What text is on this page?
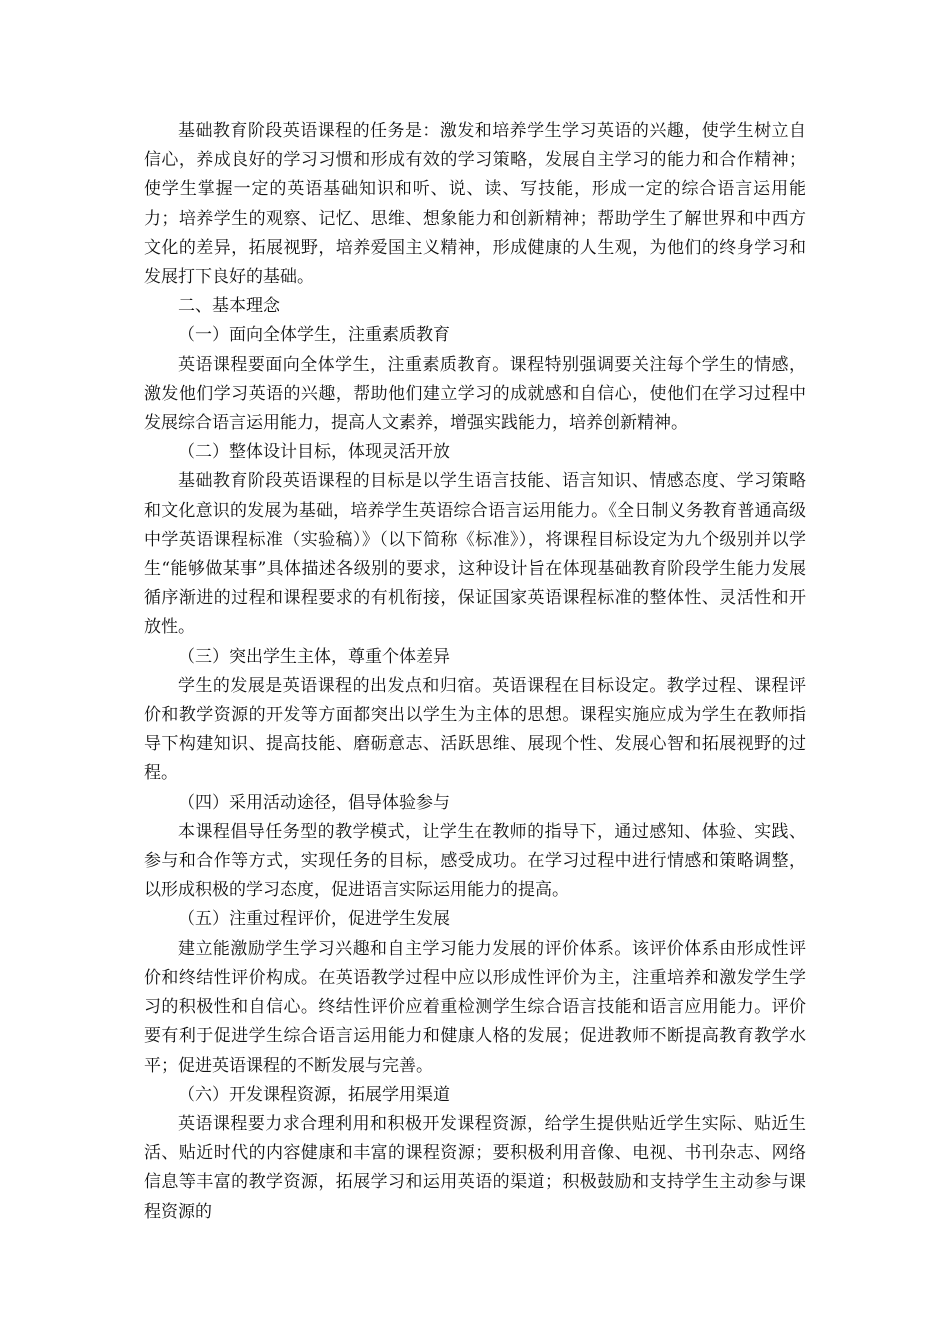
基础教育阶段英语课程的任务是：激发和培养学生学习英语的兴趣，使学生树立自信心，养成良好的学习习惯和形成有效的学习策略，发展自主学习的能力和合作精神；使学生掌握一定的英语基础知识和听、说、读、写技能，形成一定的综合语言运用能力；培养学生的观察、记忆、思维、想象能力和创新精神；帮助学生了解世界和中西方文化的差异，拓展视野，培养爱国主义精神，形成健康的人生观，为他们的终身学习和发展打下良好的基础。

二、基本理念

（一）面向全体学生，注重素质教育

英语课程要面向全体学生，注重素质教育。课程特别强调要关注每个学生的情感，激发他们学习英语的兴趣，帮助他们建立学习的成就感和自信心，使他们在学习过程中发展综合语言运用能力，提高人文素养，增强实践能力，培养创新精神。

（二）整体设计目标，体现灵活开放

基础教育阶段英语课程的目标是以学生语言技能、语言知识、情感态度、学习策略和文化意识的发展为基础，培养学生英语综合语言运用能力。《全日制义务教育普通高级中学英语课程标准（实验稿）》（以下简称《标准》），将课程目标设定为九个级别并以学生“能够做某事”具体描述各级别的要求，这种设计旨在体现基础教育阶段学生能力发展循序渐进的过程和课程要求的有机衔接，保证国家英语课程标准的整体性、灵活性和开放性。

（三）突出学生主体，尊重个体差异

学生的发展是英语课程的出发点和归宿。英语课程在目标设定。教学过程、课程评价和教学资源的开发等方面都突出以学生为主体的思想。课程实施应成为学生在教师指导下构建知识、提高技能、磨砺意志、活跃思维、展现个性、发展心智和拓展视野的过程。

（四）采用活动途径，倡导体验参与

本课程倡导任务型的教学模式，让学生在教师的指导下，通过感知、体验、实践、参与和合作等方式，实现任务的目标，感受成功。在学习过程中进行情感和策略调整，以形成积极的学习态度，促进语言实际运用能力的提高。

（五）注重过程评价，促进学生发展

建立能激励学生学习兴趣和自主学习能力发展的评价体系。该评价体系由形成性评价和终结性评价构成。在英语教学过程中应以形成性评价为主，注重培养和激发学生学习的积极性和自信心。终结性评价应着重检测学生综合语言技能和语言应用能力。评价要有利于促进学生综合语言运用能力和健康人格的发展；促进教师不断提高教育教学水平；促进英语课程的不断发展与完善。

（六）开发课程资源，拓展学用渠道

英语课程要力求合理利用和积极开发课程资源，给学生提供贴近学生实际、贴近生活、贴近时代的内容健康和丰富的课程资源；要积极利用音像、电视、书刊杂志、网络信息等丰富的教学资源，拓展学习和运用英语的渠道；积极鼓励和支持学生主动参与课程资源的
